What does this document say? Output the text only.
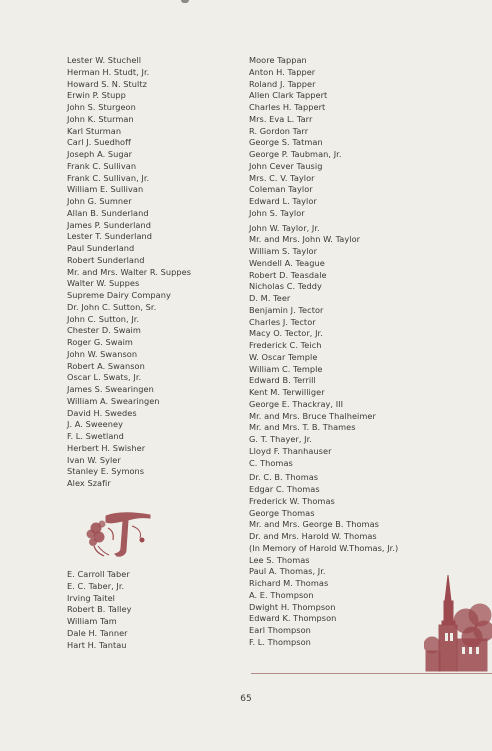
Lester W. Stuchell
Herman H. Studt, Jr.
Howard S. N. Stultz
Erwin P. Stupp
John S. Sturgeon
John K. Sturman
Karl Sturman
Carl J. Suedhoff
Joseph A. Sugar
Frank C. Sullivan
Frank C. Sullivan, Jr.
William E. Sullivan
John G. Sumner
Allan B. Sunderland
James P. Sunderland
Lester T. Sunderland
Paul Sunderland
Robert Sunderland
Mr. and Mrs. Walter R. Suppes
Walter W. Suppes
Supreme Dairy Company
Dr. John C. Sutton, Sr.
John C. Sutton, Jr.
Chester D. Swaim
Roger G. Swaim
John W. Swanson
Robert A. Swanson
Oscar L. Swats, Jr.
James S. Swearingen
William A. Swearingen
David H. Swedes
J. A. Sweeney
F. L. Swetland
Herbert H. Swisher
Ivan W. Syler
Stanley E. Symons
Alex Szafir
E. Carroll Taber
E. C. Taber, Jr.
Irving Taitel
Robert B. Talley
William Tam
Dale H. Tanner
Hart H. Tantau
Moore Tappan
Anton H. Tapper
Roland J. Tapper
Allen Clark Tappert
Charles H. Tappert
Mrs. Eva L. Tarr
R. Gordon Tarr
George S. Tatman
George P. Taubman, Jr.
John Cever Tausig
Mrs. C. V. Taylor
Coleman Taylor
Edward L. Taylor
John S. Taylor
John W. Taylor, Jr.
Mr. and Mrs. John W. Taylor
William S. Taylor
Wendell A. Teague
Robert D. Teasdale
Nicholas C. Teddy
D. M. Teer
Benjamin J. Tector
Charles J. Tector
Macy O. Tector, Jr.
Frederick C. Teich
W. Oscar Temple
William C. Temple
Edward B. Terrill
Kent M. Terwilliger
George E. Thackray, III
Mr. and Mrs. Bruce Thalheimer
Mr. and Mrs. T. B. Thames
G. T. Thayer, Jr.
Lloyd F. Thanhauser
C. Thomas
Dr. C. B. Thomas
Edgar C. Thomas
Frederick W. Thomas
George Thomas
Mr. and Mrs. George B. Thomas
Dr. and Mrs. Harold W. Thomas
(In Memory of Harold W.Thomas, Jr.)
Lee S. Thomas
Paul A. Thomas, Jr.
Richard M. Thomas
A. E. Thompson
Dwight H. Thompson
Edward K. Thompson
Earl Thompson
F. L. Thompson
65
